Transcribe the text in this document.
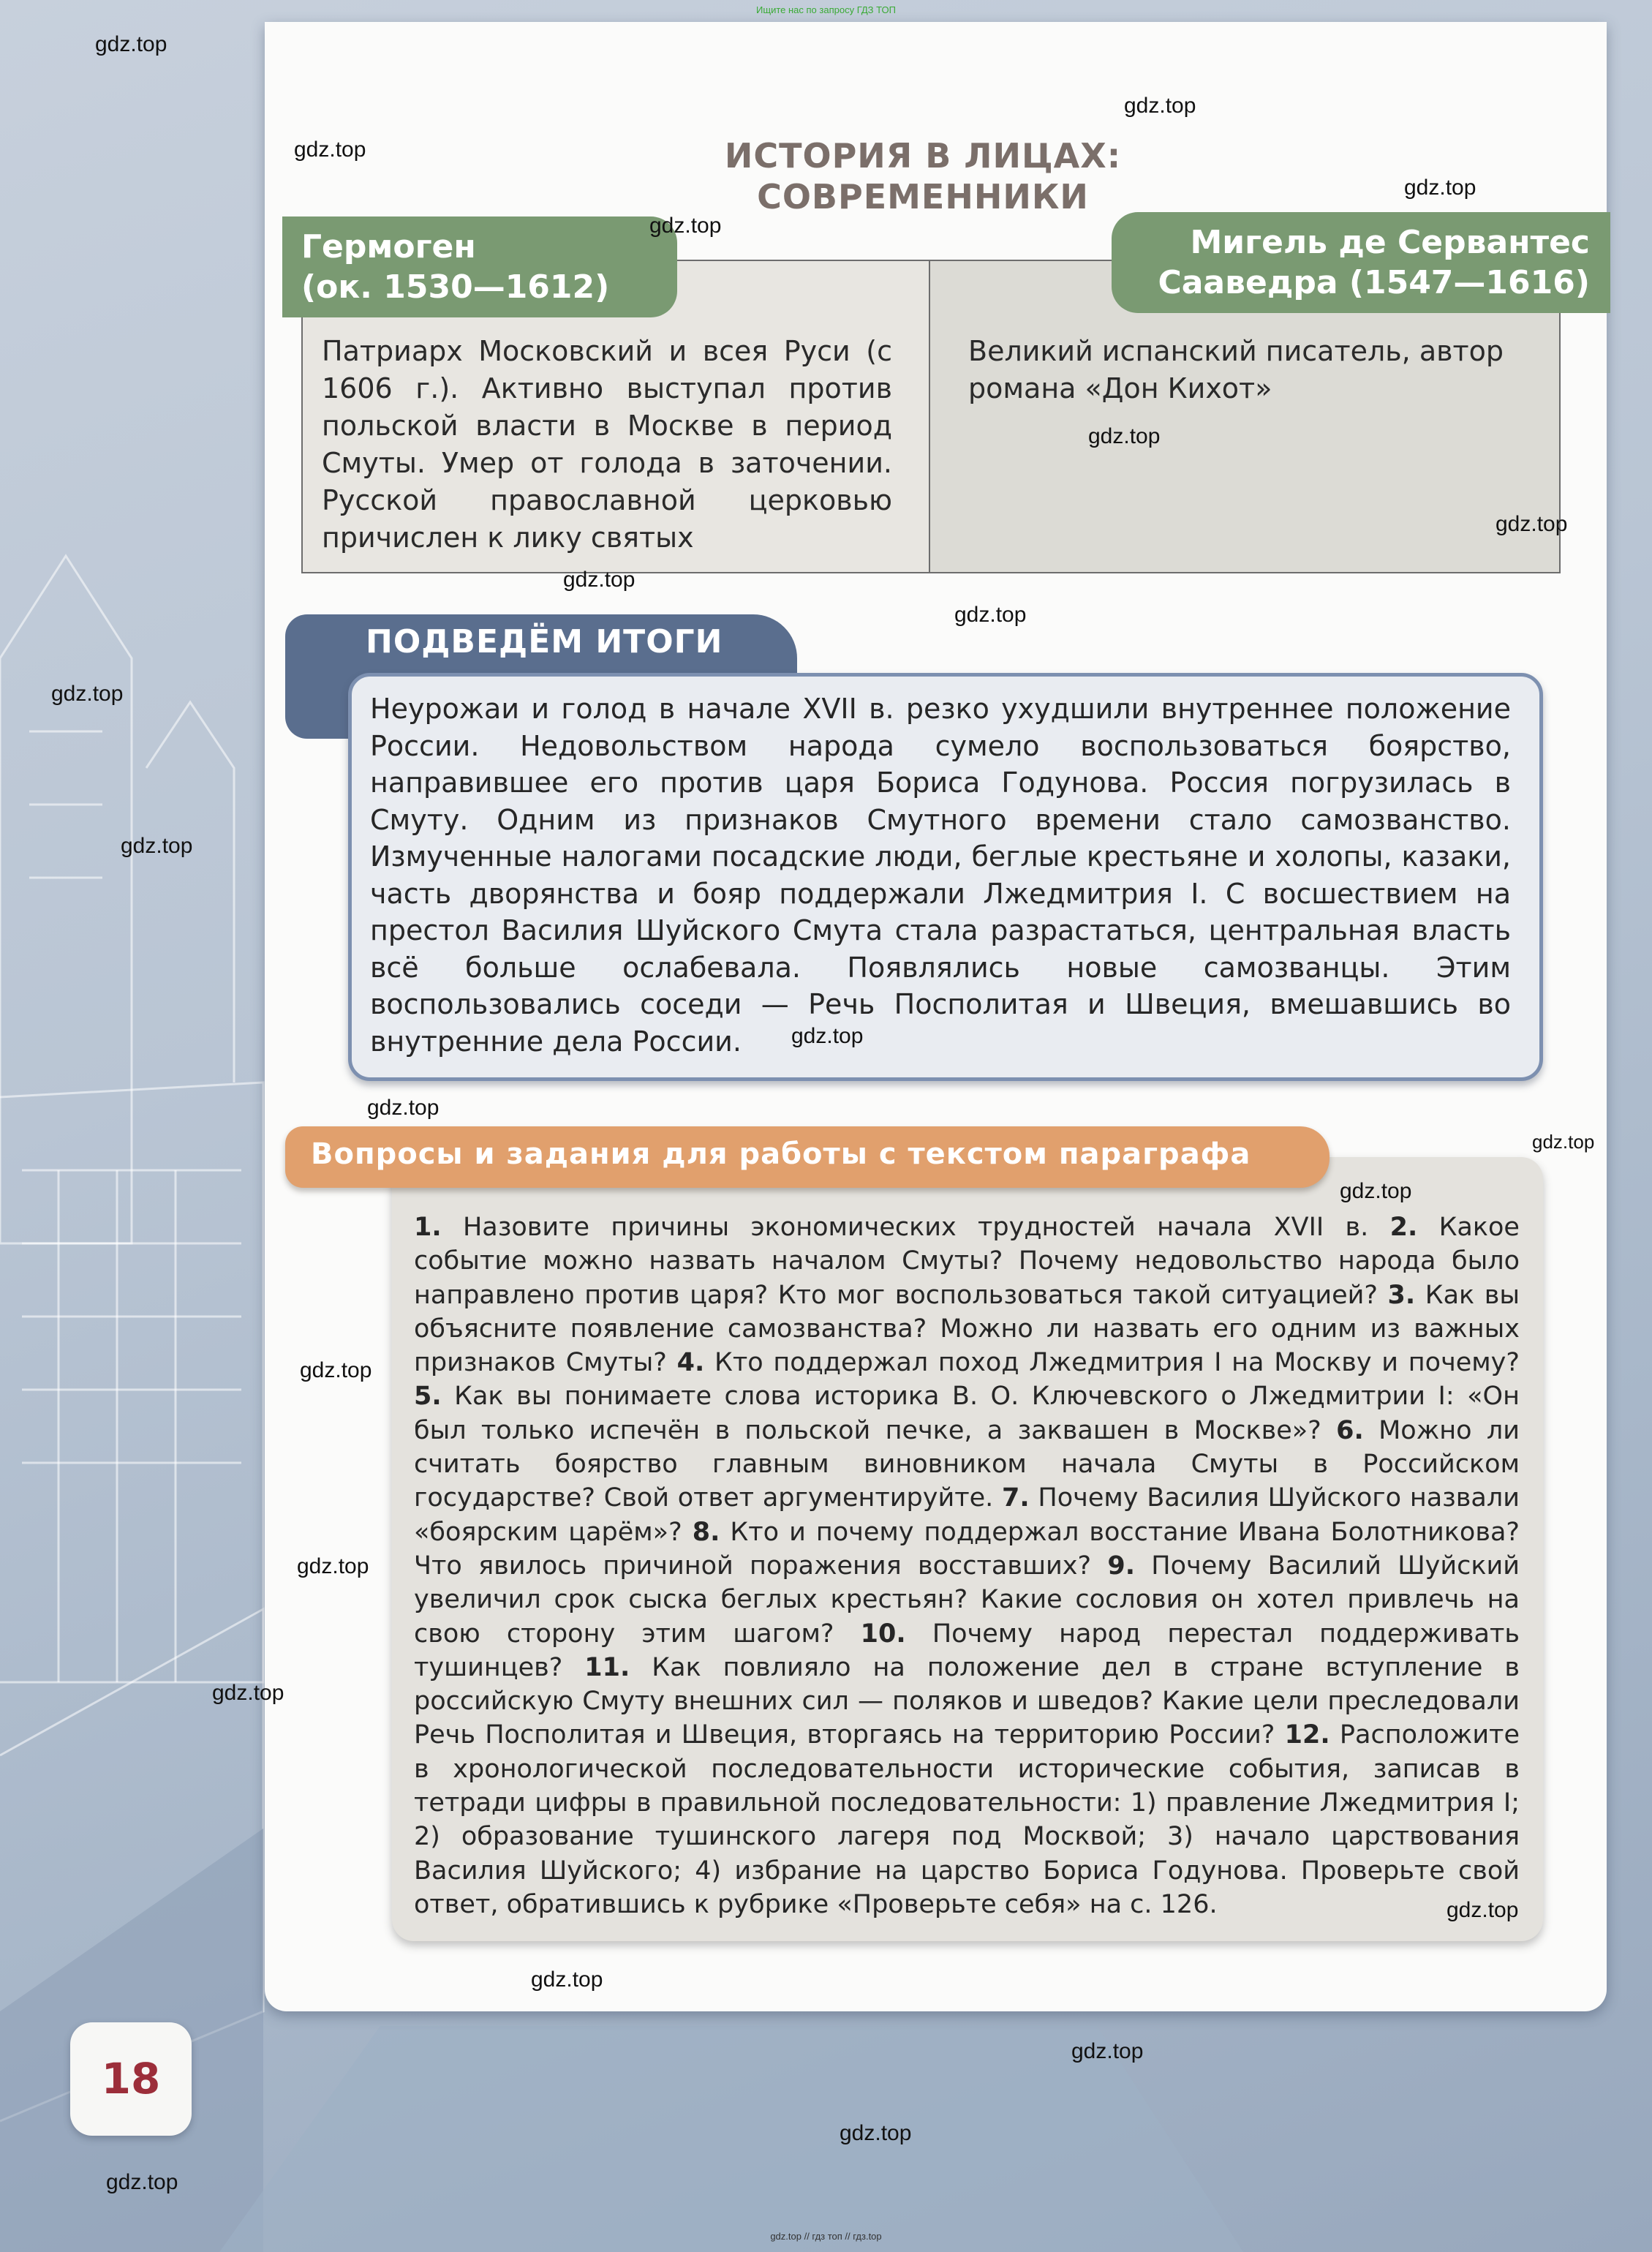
Ищите нас по запросу ГДЗ ТОП
ИСТОРИЯ В ЛИЦАХ:
СОВРЕМЕННИКИ
Гермоген
(ок. 1530—1612)
Мигель де Сервантес
Сааведра (1547—1616)
Патриарх Московский и всея Руси (с 1606 г.). Активно выступал против польской власти в Москве в период Смуты. Умер от голода в заточении. Русской православной церковью причислен к лику святых
Великий испанский писатель, автор романа «Дон Кихот»
ПОДВЕДЁМ ИТОГИ
Неурожаи и голод в начале XVII в. резко ухудшили внутреннее положение России. Недовольством народа сумело воспользоваться боярство, направившее его против царя Бориса Годунова. Россия погрузилась в Смуту. Одним из признаков Смутного времени стало самозванство. Измученные налогами посадские люди, беглые крестьяне и холопы, казаки, часть дворянства и бояр поддержали Лжедмитрия I. С восшествием на престол Василия Шуйского Смута стала разрастаться, центральная власть всё больше ослабевала. Появлялись новые самозванцы. Этим воспользовались соседи — Речь Посполитая и Швеция, вмешавшись во внутренние дела России.
Вопросы и задания для работы с текстом параграфа
1. Назовите причины экономических трудностей начала XVII в. 2. Какое событие можно назвать началом Смуты? Почему недовольство народа было направлено против царя? Кто мог воспользоваться такой ситуацией? 3. Как вы объясните появление самозванства? Можно ли назвать его одним из важных признаков Смуты? 4. Кто поддержал поход Лжедмитрия I на Москву и почему? 5. Как вы понимаете слова историка В. О. Ключевского о Лжедмитрии I: «Он был только испечён в польской печке, а заквашен в Москве»? 6. Можно ли считать боярство главным виновником начала Смуты в Российском государстве? Свой ответ аргументируйте. 7. Почему Василия Шуйского назвали «боярским царём»? 8. Кто и почему поддержал восстание Ивана Болотникова? Что явилось причиной поражения восставших? 9. Почему Василий Шуйский увеличил срок сыска беглых крестьян? Какие сословия он хотел привлечь на свою сторону этим шагом? 10. Почему народ перестал поддерживать тушинцев? 11. Как повлияло на положение дел в стране вступление в российскую Смуту внешних сил — поляков и шведов? Какие цели преследовали Речь Посполитая и Швеция, вторгаясь на территорию России? 12. Расположите в хронологической последовательности исторические события, записав в тетради цифры в правильной последовательности: 1) правление Лжедмитрия I; 2) образование тушинского лагеря под Москвой; 3) начало царствования Василия Шуйского; 4) избрание на царство Бориса Годунова. Проверьте свой ответ, обратившись к рубрике «Проверьте себя» на с. 126.
18
gdz.top
gdz.top
gdz.top
gdz.top
gdz.top
gdz.top
gdz.top
gdz.top
gdz.top
gdz.top
gdz.top
gdz.top
gdz.top
gdz.top
gdz.top
gdz.top
gdz.top
gdz.top
gdz.top
gdz.top
gdz.top
gdz.top
gdz.top
gdz.top // гдз топ // гдз.top
